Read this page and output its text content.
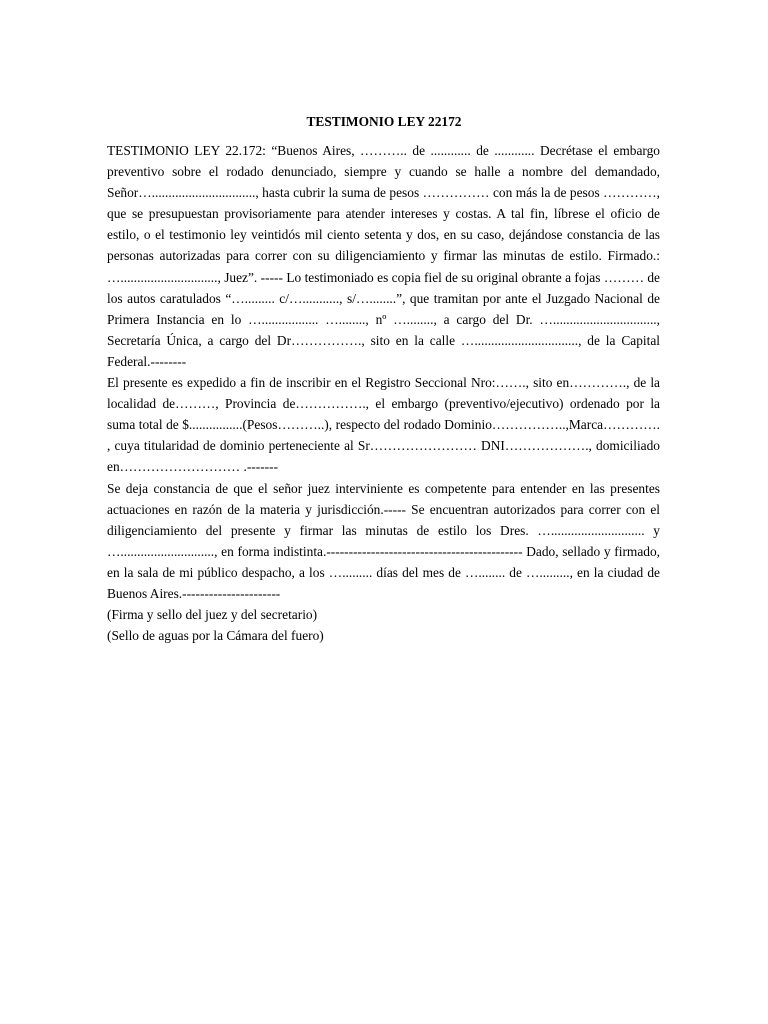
TESTIMONIO LEY 22172

TESTIMONIO LEY 22.172: “Buenos Aires, ……….. de ............ de ............ Decrétase el embargo preventivo sobre el rodado denunciado, siempre y cuando se halle a nombre del demandado, Señor…..............................., hasta cubrir la suma de pesos …………… con más la de pesos …………, que se presupuestan provisoriamente para atender intereses y costas. A tal fin, líbrese el oficio de estilo, o el testimonio ley veintidós mil ciento setenta y dos, en su caso, dejándose constancia de las personas autorizadas para correr con su diligenciamiento y firmar las minutas de estilo. Firmado.: …............................., Juez”. ----- Lo testimoniado es copia fiel de su original obrante a fojas ……… de los autos caratulados “…......... c/…..........., s/…........”, que tramitan por ante el Juzgado Nacional de Primera Instancia en lo …................. …........, nº …........, a cargo del Dr. …..............................., Secretaría Única, a cargo del Dr……………., sito en la calle …..............................., de la Capital Federal.--------

El presente es expedido a fin de inscribir en el Registro Seccional Nro:……., sito en…………., de la localidad de………, Provincia de……………., el embargo (preventivo/ejecutivo) ordenado por la suma total de $................(Pesos………..), respecto del rodado Dominio……………..,Marca…………. , cuya titularidad de dominio perteneciente al Sr…………………… DNI………………., domiciliado en……………………… .-------

Se deja constancia de que el señor juez interviniente es competente para entender en las presentes actuaciones en razón de la materia y jurisdicción.----- Se encuentran autorizados para correr con el diligenciamiento del presente y firmar las minutas de estilo los Dres. …............................ y …............................, en forma indistinta.-------------------------------------------- Dado, sellado y firmado, en la sala de mi público despacho, a los …......... días del mes de …........ de …........., en la ciudad de Buenos Aires.----------------------

(Firma y sello del juez y del secretario)

(Sello de aguas por la Cámara del fuero)
